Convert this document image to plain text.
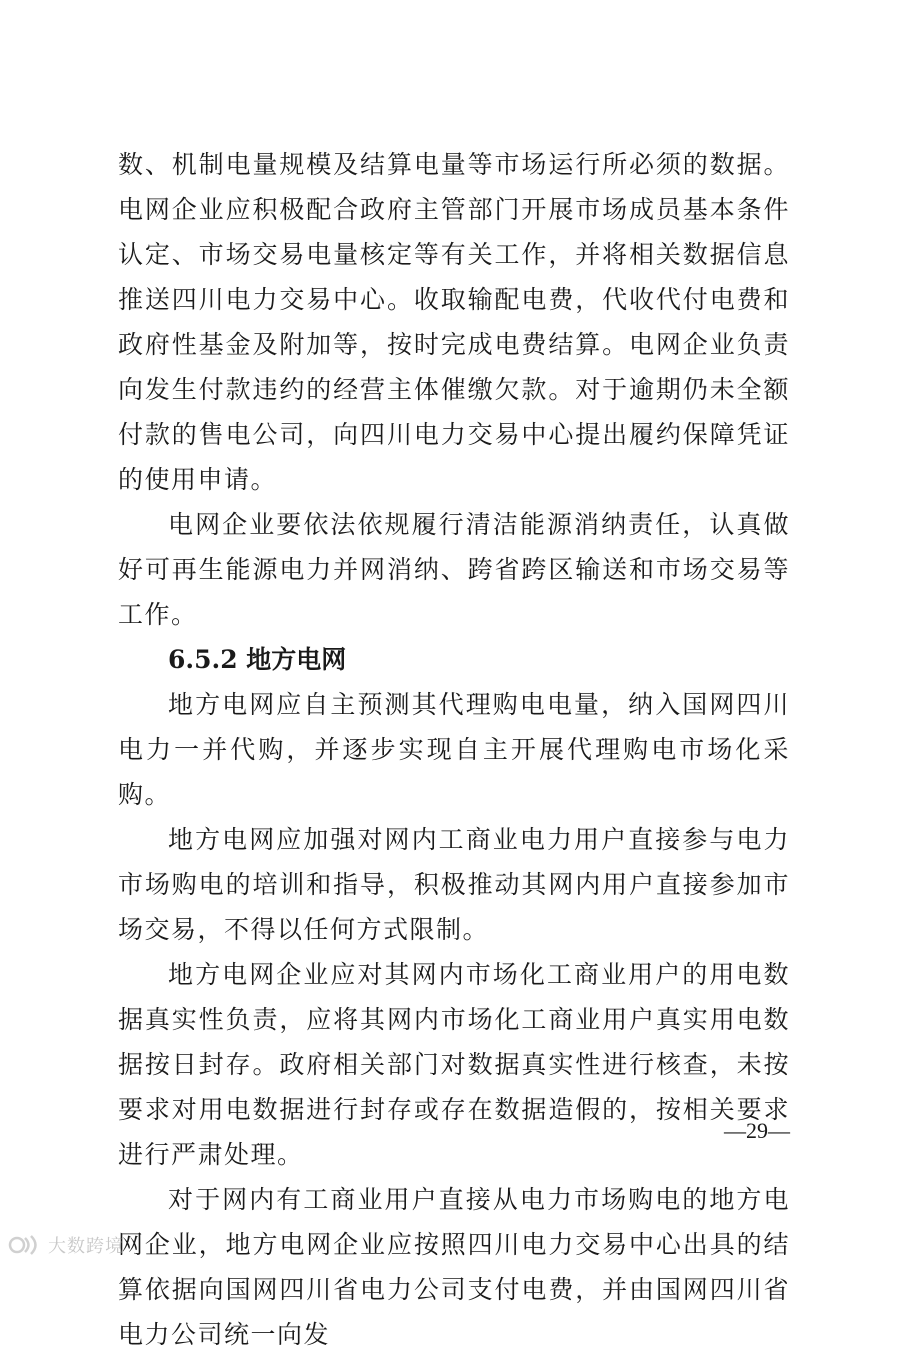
数、机制电量规模及结算电量等市场运行所必须的数据。电网企业应积极配合政府主管部门开展市场成员基本条件认定、市场交易电量核定等有关工作，并将相关数据信息推送四川电力交易中心。收取输配电费，代收代付电费和政府性基金及附加等，按时完成电费结算。电网企业负责向发生付款违约的经营主体催缴欠款。对于逾期仍未全额付款的售电公司，向四川电力交易中心提出履约保障凭证的使用申请。

电网企业要依法依规履行清洁能源消纳责任，认真做好可再生能源电力并网消纳、跨省跨区输送和市场交易等工作。

6.5.2 地方电网

地方电网应自主预测其代理购电电量，纳入国网四川电力一并代购，并逐步实现自主开展代理购电市场化采购。

地方电网应加强对网内工商业电力用户直接参与电力市场购电的培训和指导，积极推动其网内用户直接参加市场交易，不得以任何方式限制。

地方电网企业应对其网内市场化工商业用户的用电数据真实性负责，应将其网内市场化工商业用户真实用电数据按日封存。政府相关部门对数据真实性进行核查，未按要求对用电数据进行封存或存在数据造假的，按相关要求进行严肃处理。

对于网内有工商业用户直接从电力市场购电的地方电网企业，地方电网企业应按照四川电力交易中心出具的结算依据向国网四川省电力公司支付电费，并由国网四川省电力公司统一向发

—29—
大数跨境
